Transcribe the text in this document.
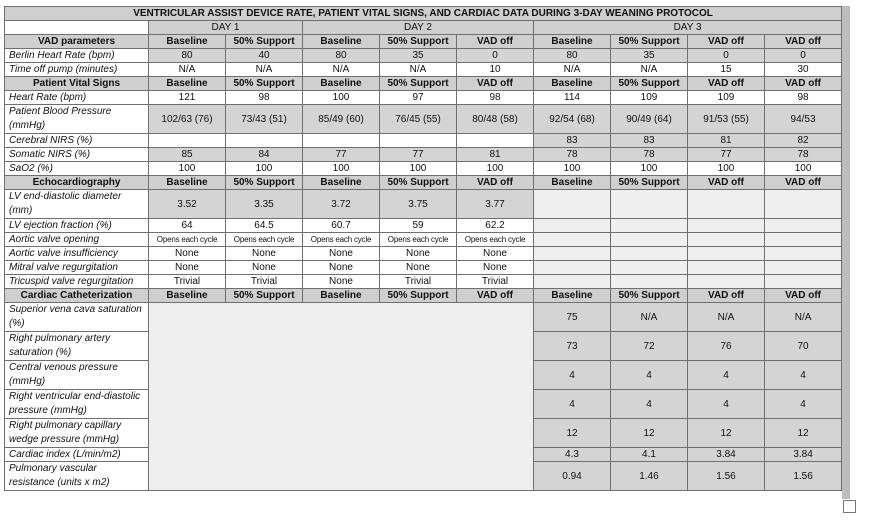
VENTRICULAR ASSIST DEVICE RATE, PATIENT VITAL SIGNS, AND CARDIAC DATA DURING 3-DAY WEANING PROTOCOL									
	DAY 1		DAY 2			DAY 3			
VAD parameters	Baseline	50% Support	Baseline	50% Support	VAD off	Baseline	50% Support	VAD off	VAD off
Berlin Heart Rate (bpm)	80	40	80	35	0	80	35	0	0
Time off pump (minutes)	N/A	N/A	N/A	N/A	10	N/A	N/A	15	30
Patient Vital Signs	Baseline	50% Support	Baseline	50% Support	VAD off	Baseline	50% Support	VAD off	VAD off
Heart Rate (bpm)	121	98	100	97	98	114	109	109	98
Patient Blood Pressure (mmHg)	102/63 (76)	73/43 (51)	85/49 (60)	76/45 (55)	80/48 (58)	92/54 (68)	90/49 (64)	91/53 (55)	94/53
Cerebral NIRS (%)						83	83	81	82
Somatic NIRS (%)	85	84	77	77	81	78	78	77	78
SaO2 (%)	100	100	100	100	100	100	100	100	100
Echocardiography	Baseline	50% Support	Baseline	50% Support	VAD off	Baseline	50% Support	VAD off	VAD off
LV end-diastolic diameter (mm)	3.52	3.35	3.72	3.75	3.77				
LV ejection fraction (%)	64	64.5	60.7	59	62.2				
Aortic valve opening	Opens each cycle	Opens each cycle	Opens each cycle	Opens each cycle	Opens each cycle				
Aortic valve insufficiency	None	None	None	None	None				
Mitral valve regurgitation	None	None	None	None	None				
Tricuspid valve regurgitation	Trivial	Trivial	None	Trivial	Trivial				
Cardiac Catheterization	Baseline	50% Support	Baseline	50% Support	VAD off	Baseline	50% Support	VAD off	VAD off
Superior vena cava saturation (%)						75	N/A	N/A	N/A
Right pulmonary artery saturation (%)						73	72	76	70
Central venous pressure (mmHg)						4	4	4	4
Right ventricular end-diastolic pressure (mmHg)						4	4	4	4
Right pulmonary capillary wedge pressure (mmHg)						12	12	12	12
Cardiac index (L/min/m2)						4.3	4.1	3.84	3.84
Pulmonary vascular resistance (units x m2)						0.94	1.46	1.56	1.56
